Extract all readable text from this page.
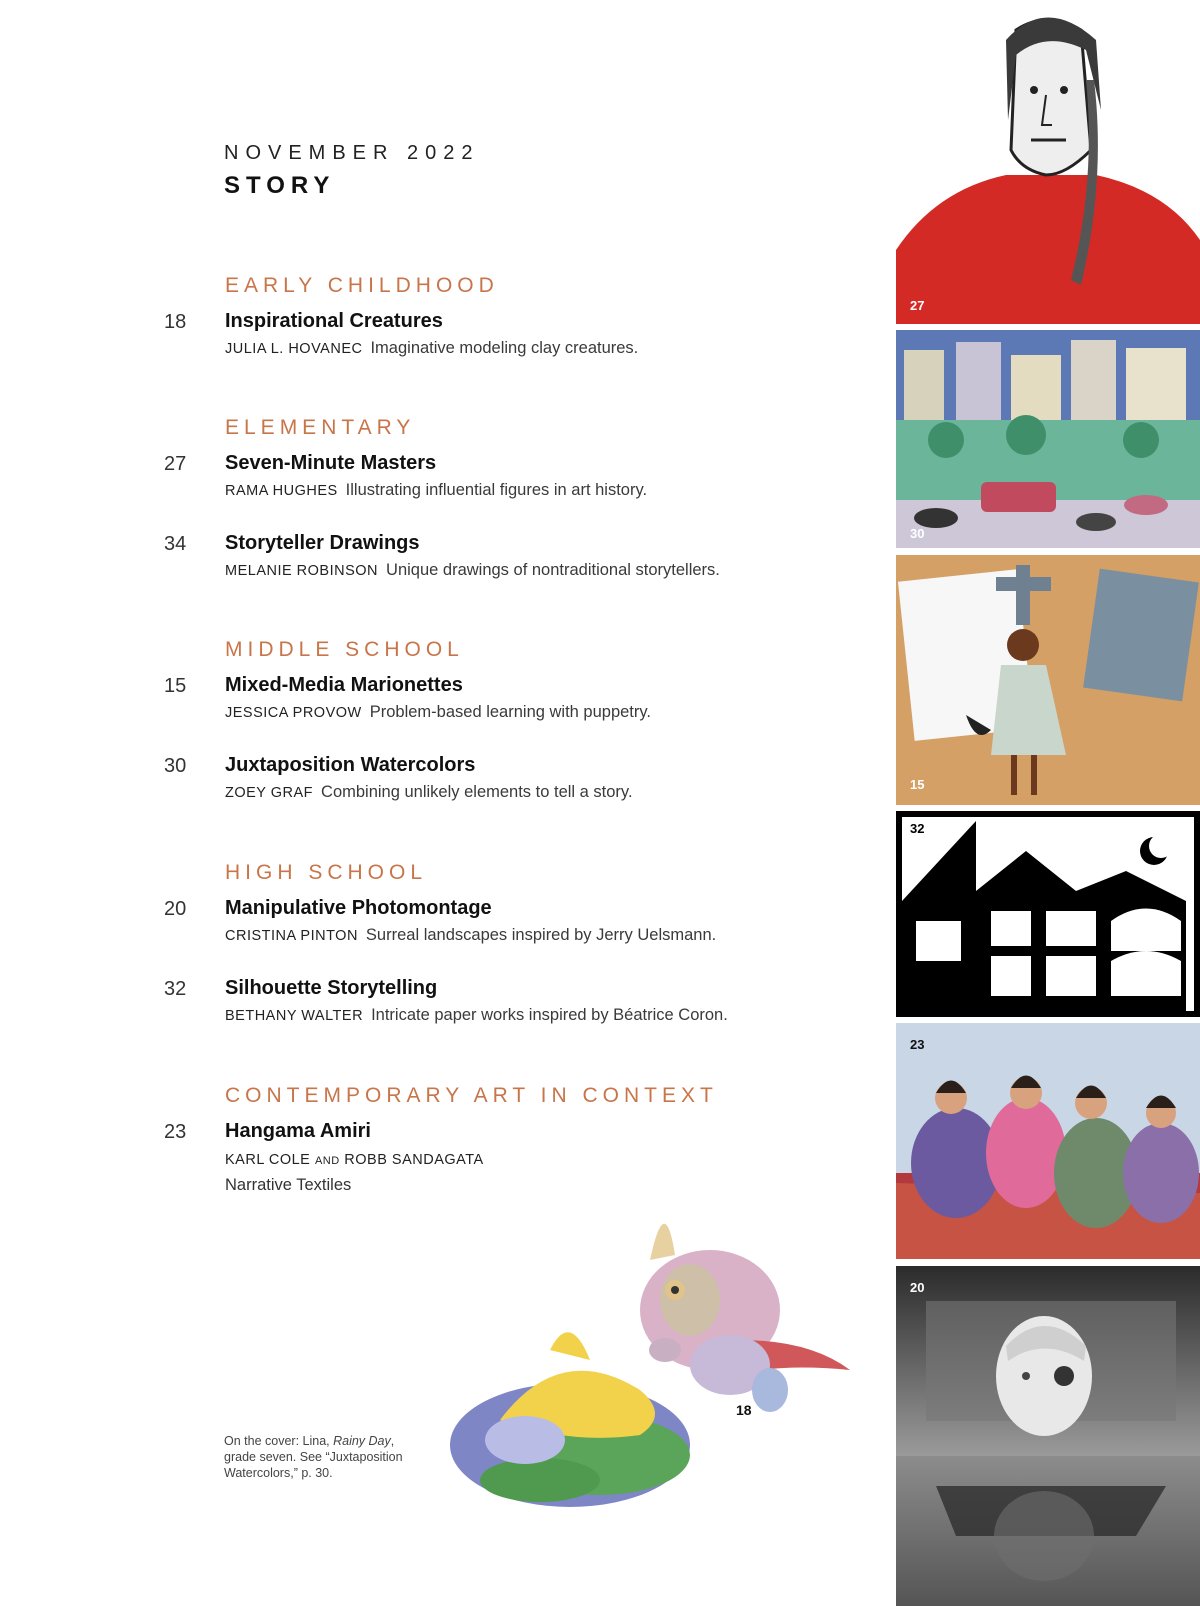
NOVEMBER 2022
STORY
EARLY CHILDHOOD
18 Inspirational Creatures
JULIA L. HOVANEC Imaginative modeling clay creatures.
ELEMENTARY
27 Seven-Minute Masters
RAMA HUGHES Illustrating influential figures in art history.
34 Storyteller Drawings
MELANIE ROBINSON Unique drawings of nontraditional storytellers.
MIDDLE SCHOOL
15 Mixed-Media Marionettes
JESSICA PROVOW Problem-based learning with puppetry.
30 Juxtaposition Watercolors
ZOEY GRAF Combining unlikely elements to tell a story.
HIGH SCHOOL
20 Manipulative Photomontage
CRISTINA PINTON Surreal landscapes inspired by Jerry Uelsmann.
32 Silhouette Storytelling
BETHANY WALTER Intricate paper works inspired by Béatrice Coron.
CONTEMPORARY ART IN CONTEXT
23 Hangama Amiri
KARL COLE AND ROBB SANDAGATA
Narrative Textiles
On the cover: Lina, Rainy Day, grade seven. See “Juxtaposition Watercolors,” p. 30.
18
27
30
15
32
23
20
